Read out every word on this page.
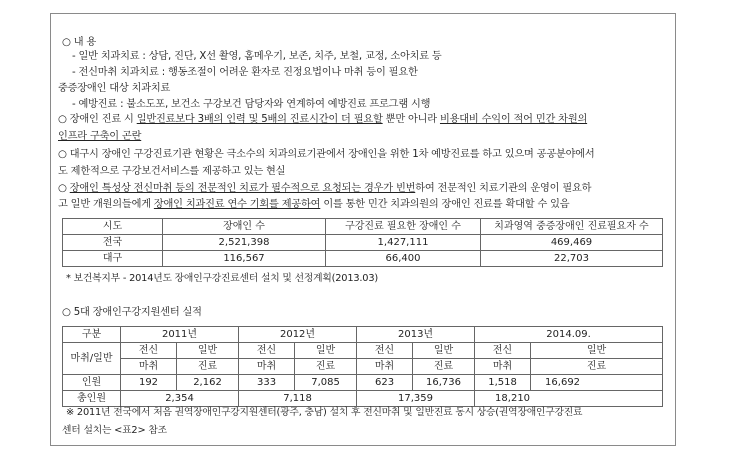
○ 내 용
- 일반 치과치료 : 상담, 진단, X선 촬영, 홈메우기, 보존, 치주, 보철, 교정, 소아치료 등
- 전신마취 치과치료 : 행동조절이 어려운 환자로 진정요법이나 마취 등이 필요한
중증장애인 대상 치과치료
- 예방진료 : 불소도포, 보건소 구강보건 담당자와 연계하여 예방진료 프로그램 시행
○ 장애인 진료 시 일반진료보다 3배의 인력 및 5배의 진료시간이 더 필요할 뿐만 아니라 비용대비 수익이 적어 민간 차원의
인프라 구축이 곤란
○ 대구시 장애인 구강진료기관 현황은 극소수의 치과의료기관에서 장애인을 위한 1차 예방진료를 하고 있으며 공공분야에서
도 제한적으로 구강보건서비스를 제공하고 있는 현실
○ 장애인 특성상 전신마취 등의 전문적인 치료가 필수적으로 요청되는 경우가 빈번하여 전문적인 치료기관의 운영이 필요하
고 일반 개원의들에게 장애인 치과진료 연수 기회를 제공하여 이를 통한 민간 치과의원의 장애인 진료를 확대할 수 있음
시도	장애인 수	구강진료 필요한 장애인 수	치과영역 중증장애인 진료필요자 수
전국	2,521,398	1,427,111	469,469
대구	116,567	66,400	22,703
* 보건복지부 - 2014년도 장애인구강진료센터 설치 및 선정계획(2013.03)
○ 5대 장애인구강지원센터 실적
구분	2011년		2012년		2013년		2014.09.	
마취/일반	전신	일반	전신	일반	전신	일반	전신	일반
	마취	진료	마취	진료	마취	진료	마취	진료
인원	192	2,162	333	7,085	623	16,736	1,518	16,692
총인원	2,354		7,118		17,359		18,210	
※ 2011년 전국에서 처음 권역장애인구강지원센터(광주, 충남) 설치 후 전신마취 및 일반진료 동시 상승(권역장애인구강진료
센터 설치는 <표2> 참조
